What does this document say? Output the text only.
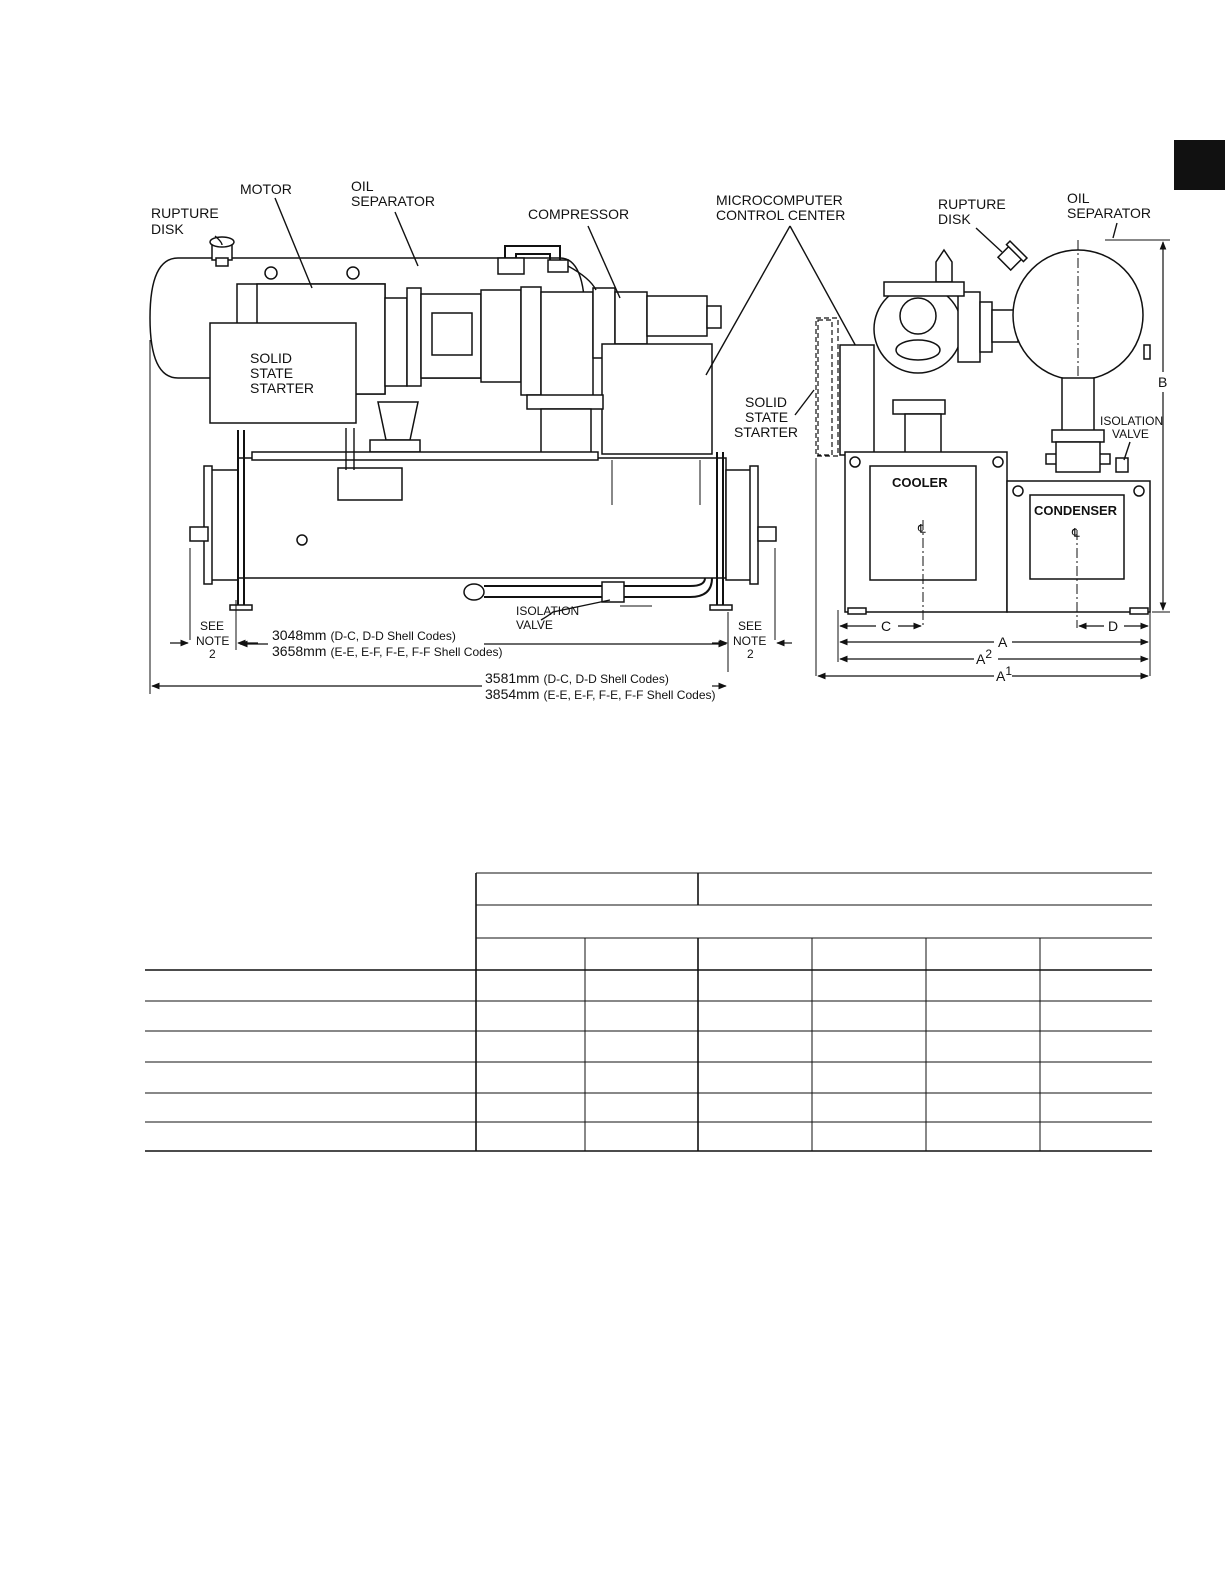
RUPTURE
DISK
MOTOR	OIL
SEPARATOR
COMPRESSOR
MICROCOMPUTER
CONTROL CENTER
SOLID
STATE
STARTER
ISOLATION
VALVE
SEE
NOTE
2
SEE
NOTE
2
3048mm (D-C, D-D Shell Codes)
3658mm (E-E, E-F, F-E, F-F Shell Codes)
3581mm (D-C, D-D Shell Codes)
3854mm (E-E, E-F, F-E, F-F Shell Codes)
RUPTURE
DISK
OIL
SEPARATOR
SOLID
STATE
STARTER
ISOLATION
VALVE
COOLER
CONDENSER
℄	℄
B
C	D
A
A2
A1
